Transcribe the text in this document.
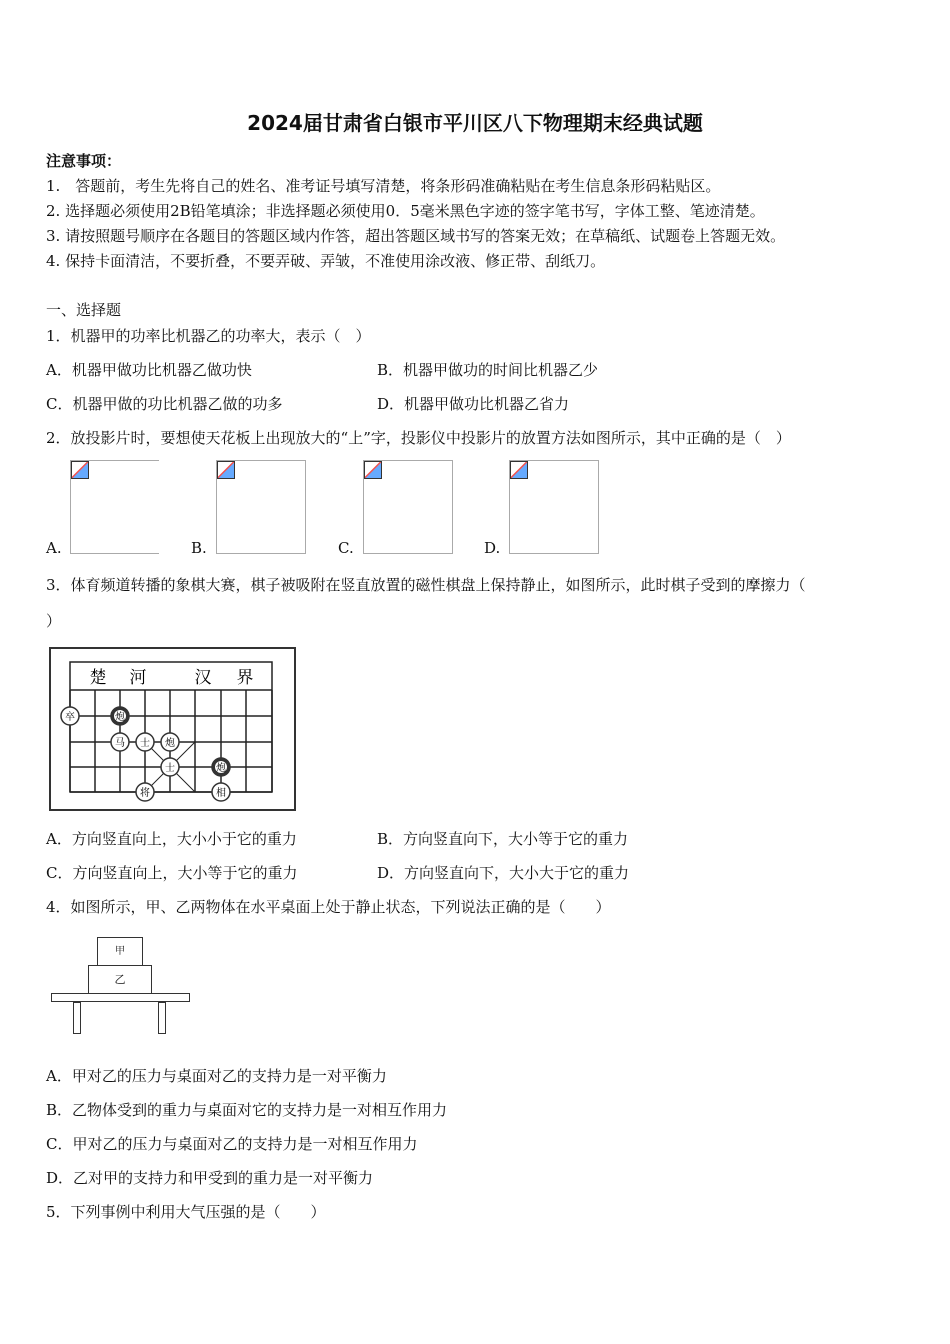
2024届甘肃省白银市平川区八下物理期末经典试题
注意事项：
1.　答题前，考生先将自己的姓名、准考证号填写清楚，将条形码准确粘贴在考生信息条形码粘贴区。
2. 选择题必须使用2B铅笔填涂；非选择题必须使用0．5毫米黑色字迹的签字笔书写，字体工整、笔迹清楚。
3. 请按照题号顺序在各题目的答题区域内作答，超出答题区域书写的答案无效；在草稿纸、试题卷上答题无效。
4. 保持卡面清洁，不要折叠，不要弄破、弄皱，不准使用涂改液、修正带、刮纸刀。
一、选择题
1．机器甲的功率比机器乙的功率大，表示（　）
A．机器甲做功比机器乙做功快	B．机器甲做功的时间比机器乙少
C．机器甲做的功比机器乙做的功多	D．机器甲做功比机器乙省力
2．放投影片时，要想使天花板上出现放大的“上”字，投影仪中投影片的放置方法如图所示，其中正确的是（　）
A.	B.	C.	D.
3．体育频道转播的象棋大赛，棋子被吸附在竖直放置的磁性棋盘上保持静止，如图所示，此时棋子受到的摩擦力（
）
楚 河	汉 界
卒	炮
马 士 炮
士
将
炮
相
A．方向竖直向上，大小小于它的重力	B．方向竖直向下，大小等于它的重力
C．方向竖直向上，大小等于它的重力	D．方向竖直向下，大小大于它的重力
4．如图所示，甲、乙两物体在水平桌面上处于静止状态，下列说法正确的是（　　）
甲
乙
A．甲对乙的压力与桌面对乙的支持力是一对平衡力
B．乙物体受到的重力与桌面对它的支持力是一对相互作用力
C．甲对乙的压力与桌面对乙的支持力是一对相互作用力
D．乙对甲的支持力和甲受到的重力是一对平衡力
5．下列事例中利用大气压强的是（　　）
